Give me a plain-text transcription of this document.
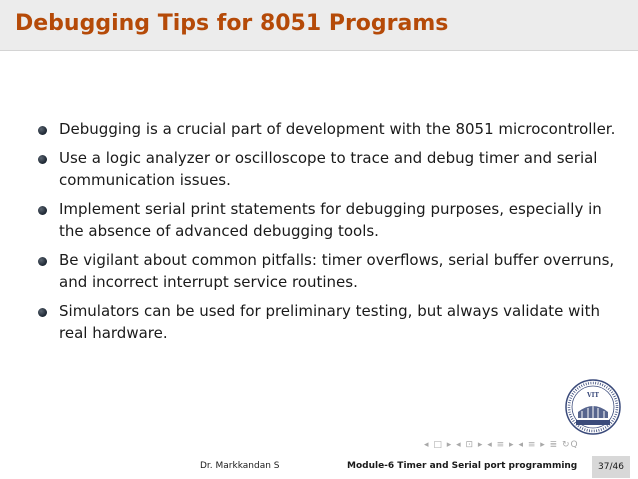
Debugging Tips for 8051 Programs
Debugging is a crucial part of development with the 8051 microcontroller.
Use a logic analyzer or oscilloscope to trace and debug timer and serial communication issues.
Implement serial print statements for debugging purposes, especially in the absence of advanced debugging tools.
Be vigilant about common pitfalls: timer overflows, serial buffer overruns, and incorrect interrupt service routines.
Simulators can be used for preliminary testing, but always validate with real hardware.
VIT
◂ □ ▸ ◂ ⊡ ▸ ◂ ≡ ▸ ◂ ≡ ▸ ≣ ↻Q
Dr. Markkandan S	Module-6 Timer and Serial port programming	37/46
